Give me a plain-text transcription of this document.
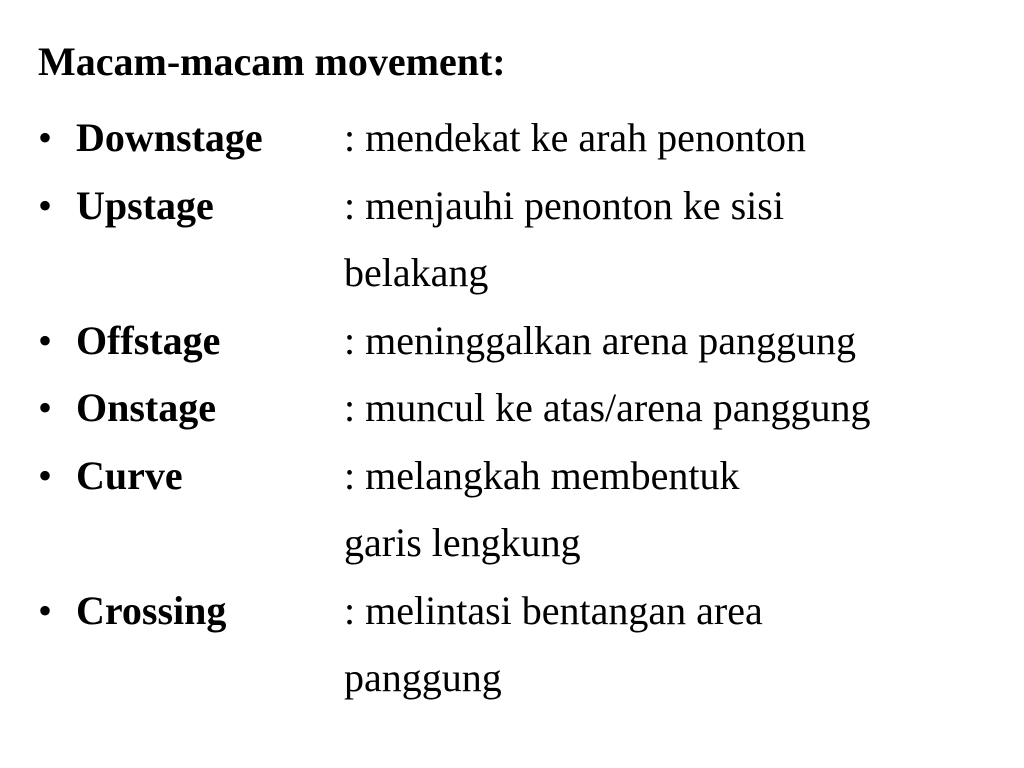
Macam-macam movement:
• Downstage : mendekat ke arah penonton
• Upstage	: menjauhi penonton ke sisi
belakang
• Offstage	: meninggalkan arena panggung
• Onstage	: muncul ke atas/arena panggung
• Curve	: melangkah membentuk
garis lengkung
• Crossing	: melintasi bentangan area
panggung
